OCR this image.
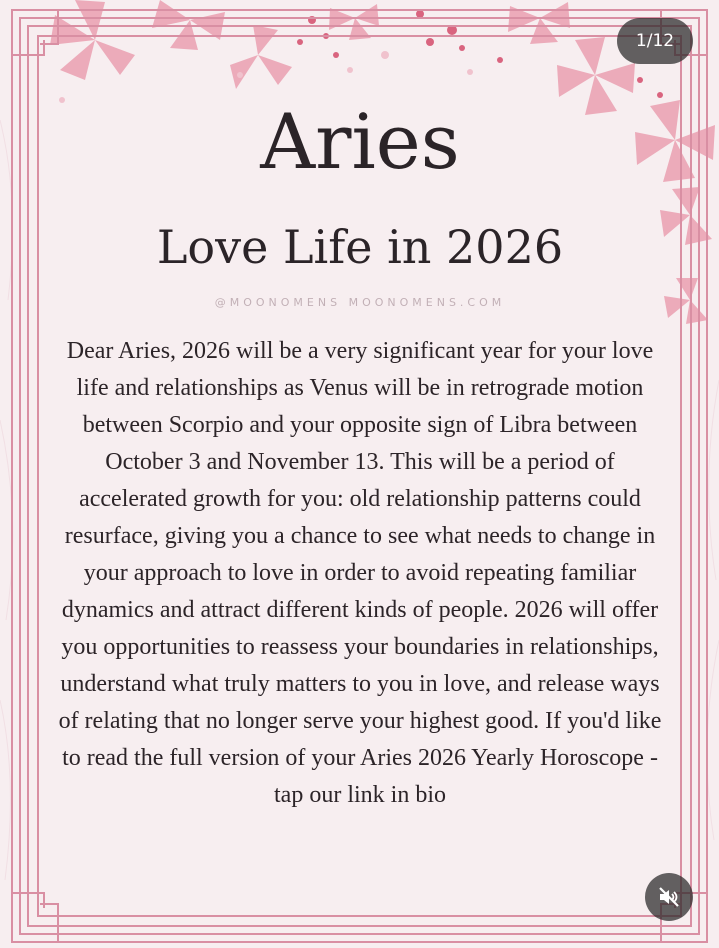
Aries
Love Life in 2026
@MOONOMENS MOONOMENS.COM
Dear Aries, 2026 will be a very significant year for your love life and relationships as Venus will be in retrograde motion between Scorpio and your opposite sign of Libra between October 3 and November 13. This will be a period of accelerated growth for you: old relationship patterns could resurface, giving you a chance to see what needs to change in your approach to love in order to avoid repeating familiar dynamics and attract different kinds of people. 2026 will offer you opportunities to reassess your boundaries in relationships, understand what truly matters to you in love, and release ways of relating that no longer serve your highest good. If you'd like to read the full version of your Aries 2026 Yearly Horoscope - tap our link in bio
1/12
